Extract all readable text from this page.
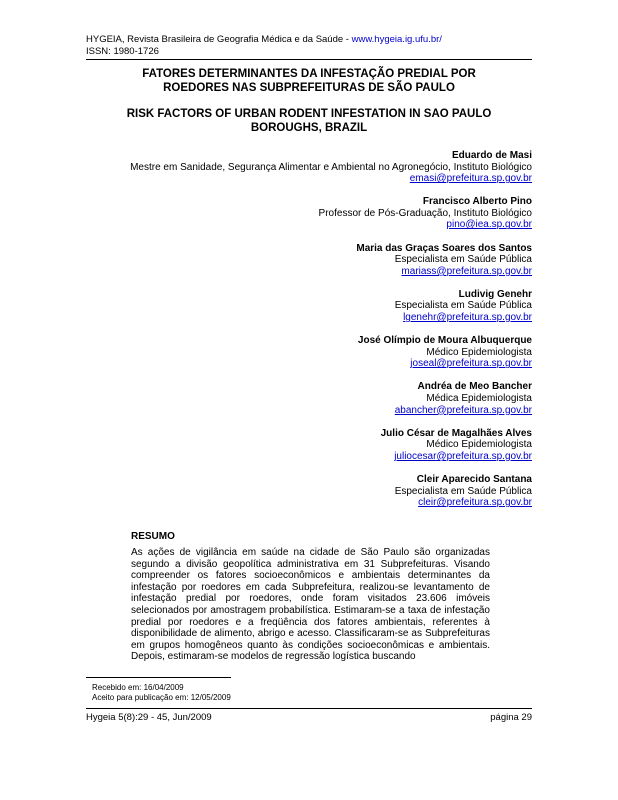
HYGEIA, Revista Brasileira de Geografia Médica e da Saúde - www.hygeia.ig.ufu.br/
ISSN: 1980-1726
FATORES DETERMINANTES DA INFESTAÇÃO PREDIAL POR
ROEDORES NAS SUBPREFEITURAS DE SÃO PAULO
RISK FACTORS OF URBAN RODENT INFESTATION IN SAO PAULO
BOROUGHS, BRAZIL
Eduardo de Masi
Mestre em Sanidade, Segurança Alimentar e Ambiental no Agronegócio, Instituto Biológico
emasi@prefeitura.sp.gov.br
Francisco Alberto Pino
Professor de Pós-Graduação, Instituto Biológico
pino@iea.sp.gov.br
Maria das Graças Soares dos Santos
Especialista em Saúde Pública
mariass@prefeitura.sp.gov.br
Ludivig Genehr
Especialista em Saúde Pública
lgenehr@prefeitura.sp.gov.br
José Olímpio de Moura Albuquerque
Médico Epidemiologista
joseal@prefeitura.sp.gov.br
Andréa de Meo Bancher
Médica Epidemiologista
abancher@prefeitura.sp.gov.br
Julio César de Magalhães Alves
Médico Epidemiologista
juliocesar@prefeitura.sp.gov.br
Cleir Aparecido Santana
Especialista em Saúde Pública
cleir@prefeitura.sp.gov.br
RESUMO
As ações de vigilância em saúde na cidade de São Paulo são organizadas segundo a divisão geopolítica administrativa em 31 Subprefeituras. Visando compreender os fatores socioeconômicos e ambientais determinantes da infestação por roedores em cada Subprefeitura, realizou-se levantamento de infestação predial por roedores, onde foram visitados 23.606 imóveis selecionados por amostragem probabilística. Estimaram-se a taxa de infestação predial por roedores e a freqüência dos fatores ambientais, referentes à disponibilidade de alimento, abrigo e acesso. Classificaram-se as Subprefeituras em grupos homogêneos quanto às condições socioeconômicas e ambientais. Depois, estimaram-se modelos de regressão logística buscando
Recebido em: 16/04/2009
Aceito para publicação em: 12/05/2009
Hygeia 5(8):29 - 45, Jun/2009	página 29
